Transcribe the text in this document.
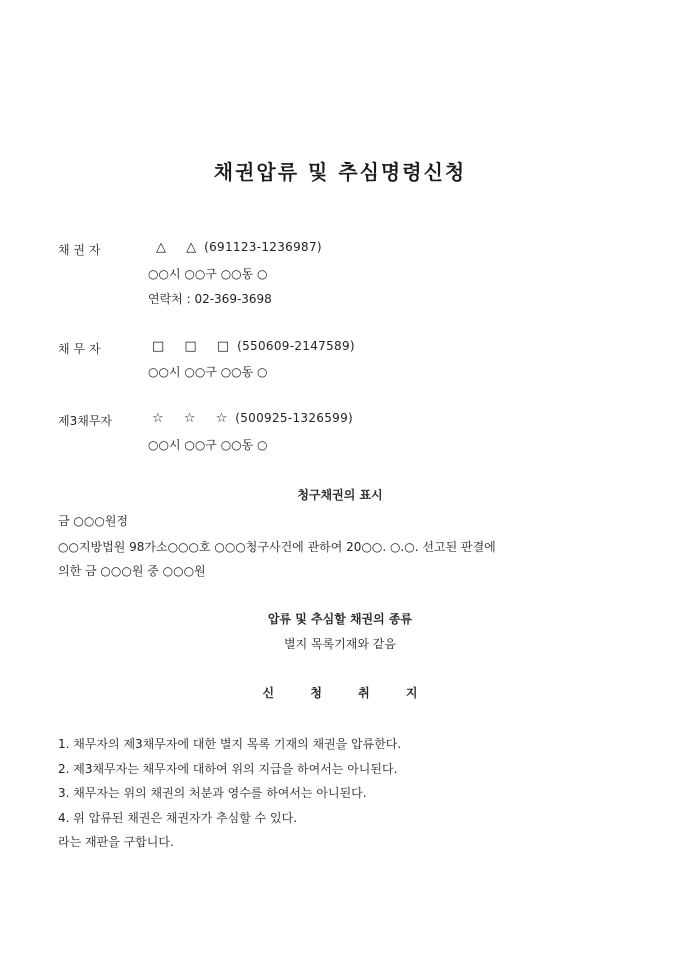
채권압류 및 추심명령신청
채 권 자	△ △(691123-1236987)
○○시 ○○구 ○○동 ○
연락처 : 02-369-3698
채 무 자	□ □ □(550609-2147589)
○○시 ○○구 ○○동 ○
제3채무자	☆ ☆ ☆(500925-1326599)
○○시 ○○구 ○○동 ○
청구채권의 표시
금 ○○○원정
○○지방법원 98가소○○○호 ○○○청구사건에 관하여 20○○. ○.○. 선고된 판결에
의한 금 ○○○원 중 ○○○원
압류 및 추심할 채권의 종류
별지 목록기재와 같음
신 청 취 지
1. 채무자의 제3채무자에 대한 별지 목록 기재의 채권을 압류한다.
2. 제3채무자는 채무자에 대하여 위의 지급을 하여서는 아니된다.
3. 채무자는 위의 채권의 처분과 영수를 하여서는 아니된다.
4. 위 압류된 채권은 채권자가 추심할 수 있다.
라는 재판을 구합니다.
